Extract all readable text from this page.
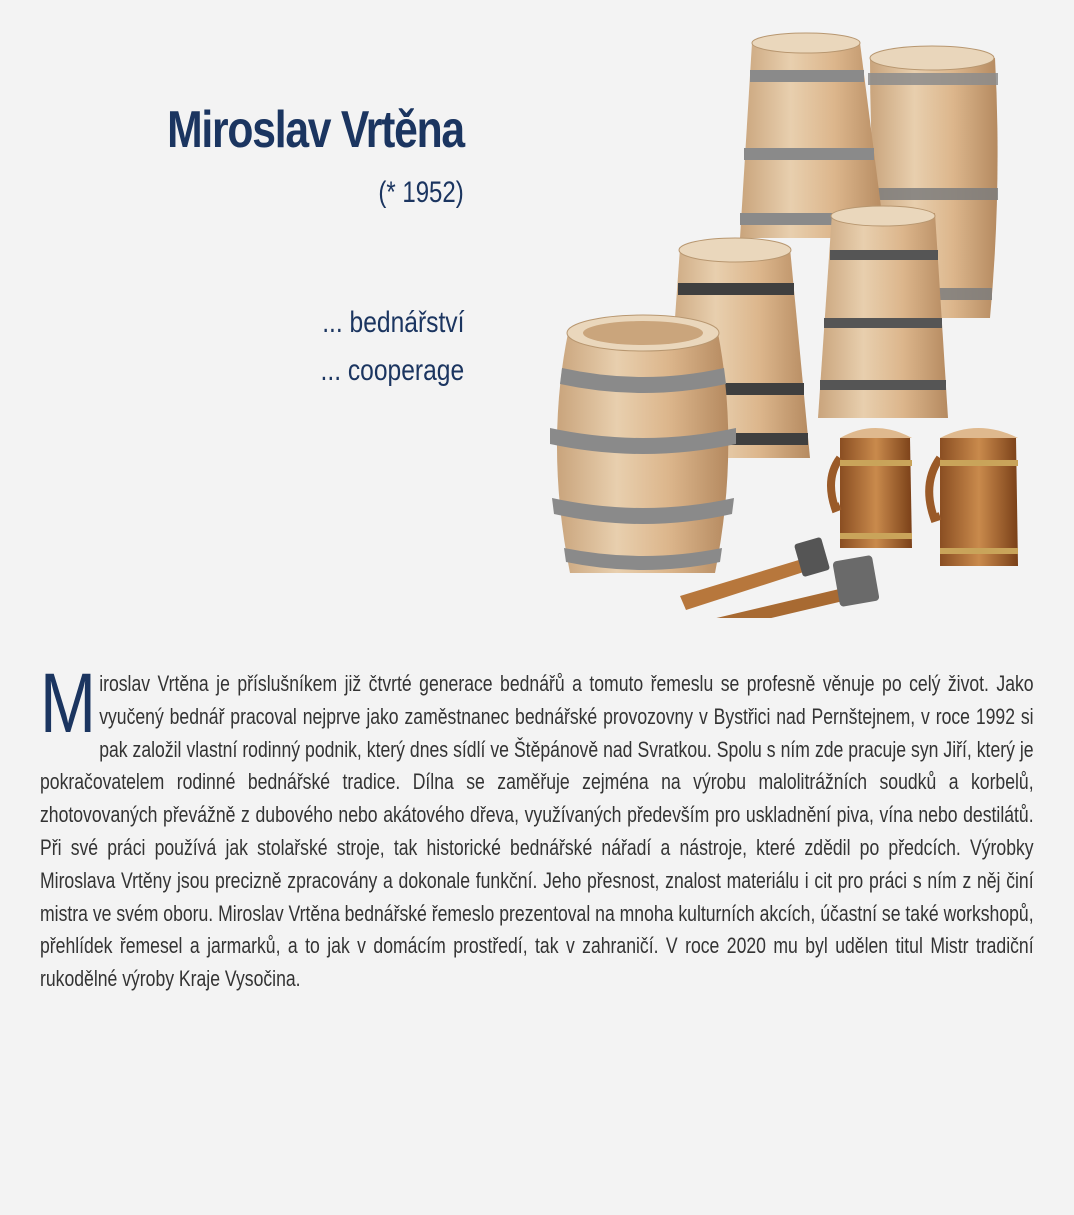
Miroslav Vrtěna
(* 1952)
... bednářství
... cooperage
Miroslav Vrtěna je příslušníkem již čtvrté generace bednářů a tomuto řemeslu se profesně věnuje po celý život. Jako vyučený bednář pracoval nejprve jako zaměstnanec bednářské provozovny v Bystřici nad Pernštejnem, v roce 1992 si pak založil vlastní rodinný podnik, který dnes sídlí ve Štěpánově nad Svratkou. Spolu s ním zde pracuje syn Jiří, který je pokračovatelem rodinné bednářské tradice. Dílna se zaměřuje zejména na výrobu malolitrážních soudků a korbelů, zhotovovaných převážně z dubového nebo akátového dřeva, využívaných především pro uskladnění piva, vína nebo destilátů. Při své práci používá jak stolařské stroje, tak historické bednářské nářadí a nástroje, které zdědil po předcích. Výrobky Miroslava Vrtěny jsou precizně zpracovány a dokonale funkční. Jeho přesnost, znalost materiálu i cit pro práci s ním z něj činí mistra ve svém oboru. Miroslav Vrtěna bednářské řemeslo prezentoval na mnoha kulturních akcích, účastní se také workshopů, přehlídek řemesel a jarmarků, a to jak v domácím prostředí, tak v zahraničí. V roce 2020 mu byl udělen titul Mistr tradiční rukodělné výroby Kraje Vysočina.
